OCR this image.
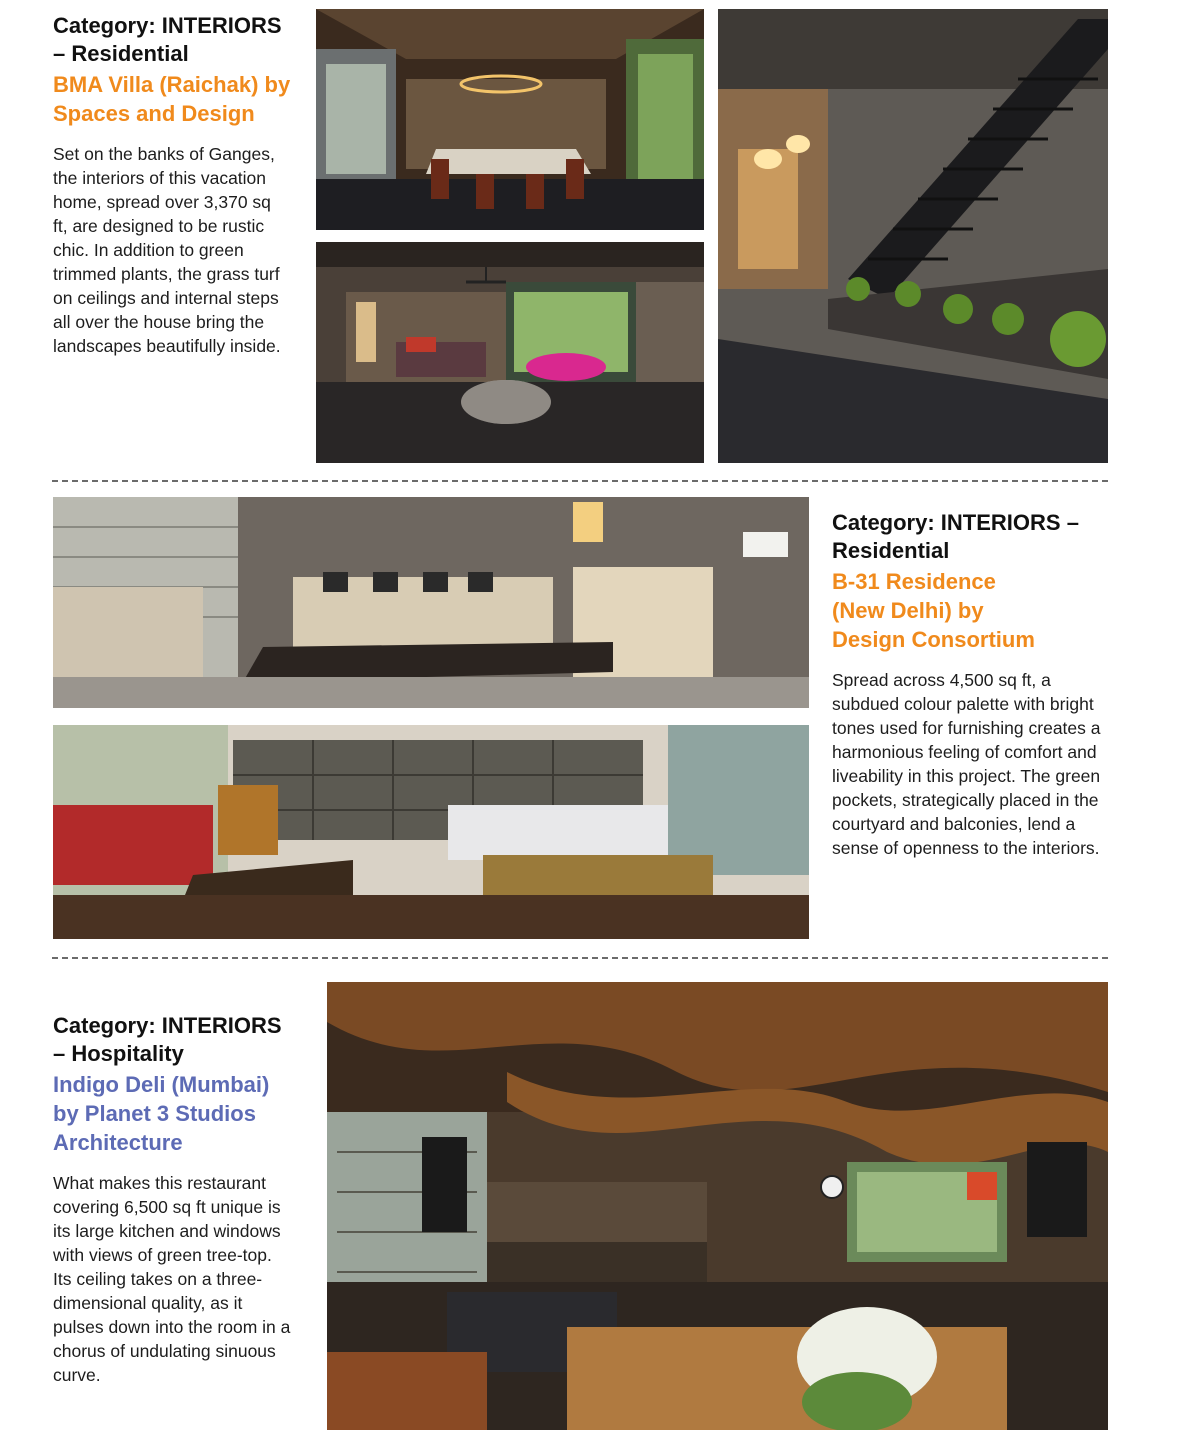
Category: INTERIORS – Residential

BMA Villa (Raichak) by Spaces and Design

Set on the banks of Ganges, the interiors of this vacation home, spread over 3,370 sq ft, are designed to be rustic chic. In addition to green trimmed plants, the grass turf on ceilings and internal steps all over the house bring the landscapes beautifully inside.

Category: INTERIORS – Residential

B-31 Residence (New Delhi) by Design Consortium

Spread across 4,500 sq ft, a subdued colour palette with bright tones used for furnishing creates a harmonious feeling of comfort and liveability in this project. The green pockets, strategically placed in the courtyard and balconies, lend a sense of openness to the interiors.

Category: INTERIORS – Hospitality

Indigo Deli (Mumbai) by Planet 3 Studios Architecture

What makes this restaurant covering 6,500 sq ft unique is its large kitchen and windows with views of green tree-top. Its ceiling takes on a three-dimensional quality, as it pulses down into the room in a chorus of undulating sinuous curve.
